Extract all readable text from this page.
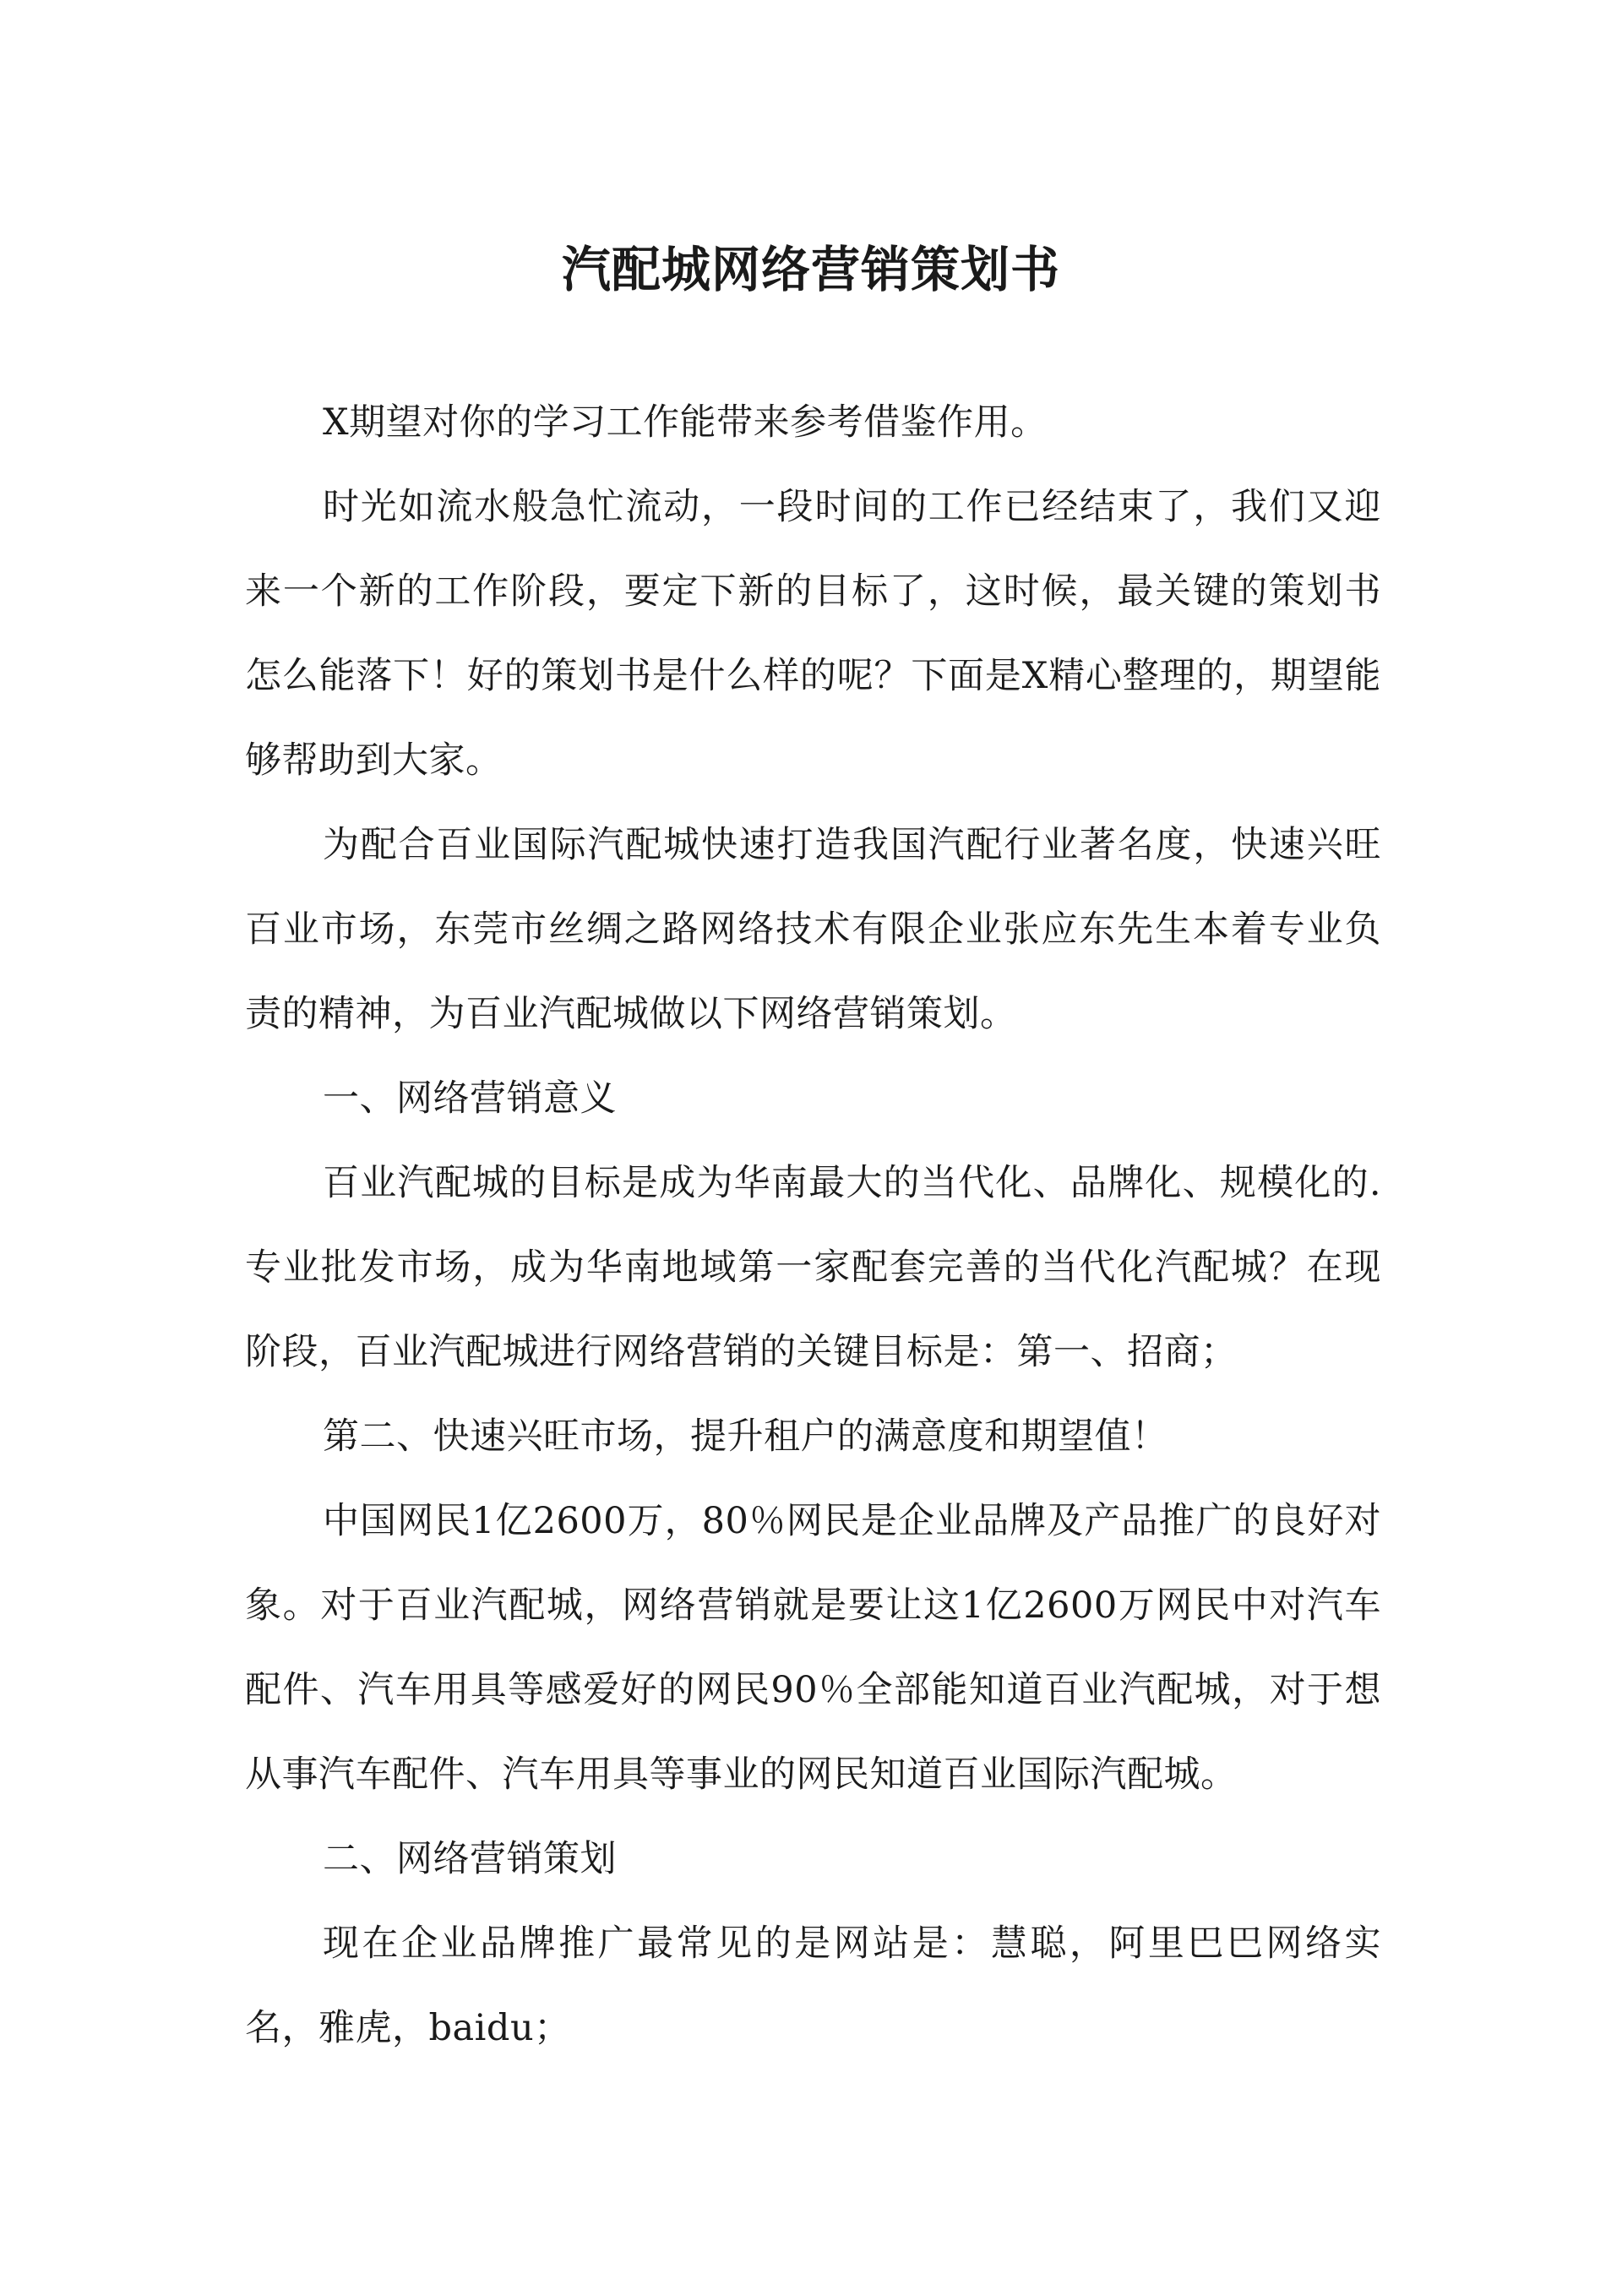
汽配城网络营销策划书

X期望对你的学习工作能带来参考借鉴作用。

时光如流水般急忙流动，一段时间的工作已经结束了，我们又迎来一个新的工作阶段，要定下新的目标了，这时候，最关键的策划书怎么能落下！好的策划书是什么样的呢？下面是X精心整理的，期望能够帮助到大家。

为配合百业国际汽配城快速打造我国汽配行业著名度，快速兴旺百业市场，东莞市丝绸之路网络技术有限企业张应东先生本着专业负责的精神，为百业汽配城做以下网络营销策划。

一、网络营销意义

百业汽配城的目标是成为华南最大的当代化、品牌化、规模化的.专业批发市场，成为华南地域第一家配套完善的当代化汽配城？在现阶段，百业汽配城进行网络营销的关键目标是：第一、招商；

第二、快速兴旺市场，提升租户的满意度和期望值！

中国网民1亿2600万，80％网民是企业品牌及产品推广的良好对象。对于百业汽配城，网络营销就是要让这1亿2600万网民中对汽车配件、汽车用具等感爱好的网民90％全部能知道百业汽配城，对于想从事汽车配件、汽车用具等事业的网民知道百业国际汽配城。

二、网络营销策划

现在企业品牌推广最常见的是网站是：慧聪，阿里巴巴网络实名，雅虎，baidu；
